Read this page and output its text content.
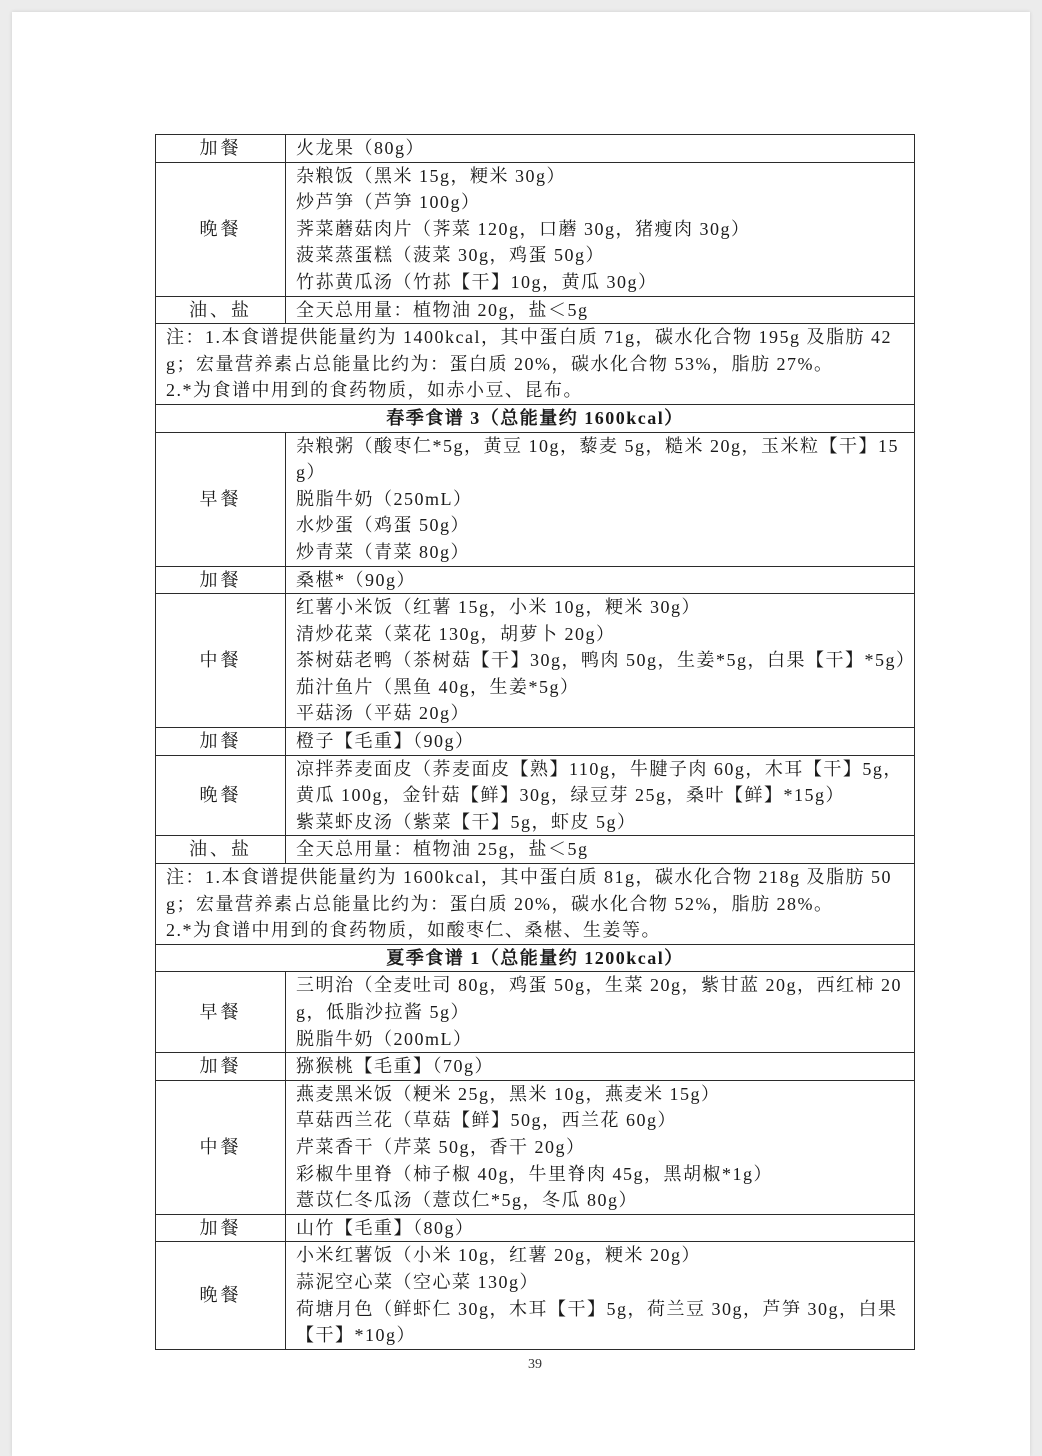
加餐	火龙果（80g）

晚餐	杂粮饭（黑米 15g，粳米 30g）
炒芦笋（芦笋 100g）
荠菜蘑菇肉片（荠菜 120g，口蘑 30g，猪瘦肉 30g）
菠菜蒸蛋糕（菠菜 30g，鸡蛋 50g）
竹荪黄瓜汤（竹荪【干】10g，黄瓜 30g）

油、盐	全天总用量：植物油 20g，盐＜5g

注：1.本食谱提供能量约为 1400kcal，其中蛋白质 71g，碳水化合物 195g 及脂肪 42g；宏量营养素占总能量比约为：蛋白质 20%，碳水化合物 53%，脂肪 27%。
2.*为食谱中用到的食药物质，如赤小豆、昆布。	

春季食谱 3（总能量约 1600kcal）	
早餐	杂粮粥（酸枣仁*5g，黄豆 10g，藜麦 5g，糙米 20g，玉米粒【干】15g）
脱脂牛奶（250mL）
水炒蛋（鸡蛋 50g）
炒青菜（青菜 80g）

加餐	桑椹*（90g）

中餐	红薯小米饭（红薯 15g，小米 10g，粳米 30g）
清炒花菜（菜花 130g，胡萝卜 20g）
茶树菇老鸭（茶树菇【干】30g，鸭肉 50g，生姜*5g，白果【干】*5g）
茄汁鱼片（黑鱼 40g，生姜*5g）
平菇汤（平菇 20g）

加餐	橙子【毛重】（90g）

晚餐	凉拌荞麦面皮（荞麦面皮【熟】110g，牛腱子肉 60g，木耳【干】5g，黄瓜 100g，金针菇【鲜】30g，绿豆芽 25g，桑叶【鲜】*15g）
紫菜虾皮汤（紫菜【干】5g，虾皮 5g）

油、盐	全天总用量：植物油 25g，盐＜5g

注：1.本食谱提供能量约为 1600kcal，其中蛋白质 81g，碳水化合物 218g 及脂肪 50g；宏量营养素占总能量比约为：蛋白质 20%，碳水化合物 52%，脂肪 28%。
2.*为食谱中用到的食药物质，如酸枣仁、桑椹、生姜等。	

夏季食谱 1（总能量约 1200kcal）	
早餐	三明治（全麦吐司 80g，鸡蛋 50g，生菜 20g，紫甘蓝 20g，西红柿 20g，低脂沙拉酱 5g）
脱脂牛奶（200mL）

加餐	猕猴桃【毛重】（70g）

中餐	燕麦黑米饭（粳米 25g，黑米 10g，燕麦米 15g）
草菇西兰花（草菇【鲜】50g，西兰花 60g）
芹菜香干（芹菜 50g，香干 20g）
彩椒牛里脊（柿子椒 40g，牛里脊肉 45g，黑胡椒*1g）
薏苡仁冬瓜汤（薏苡仁*5g，冬瓜 80g）

加餐	山竹【毛重】（80g）

晚餐	小米红薯饭（小米 10g，红薯 20g，粳米 20g）
蒜泥空心菜（空心菜 130g）
荷塘月色（鲜虾仁 30g，木耳【干】5g，荷兰豆 30g，芦笋 30g，白果【干】*10g）
39
